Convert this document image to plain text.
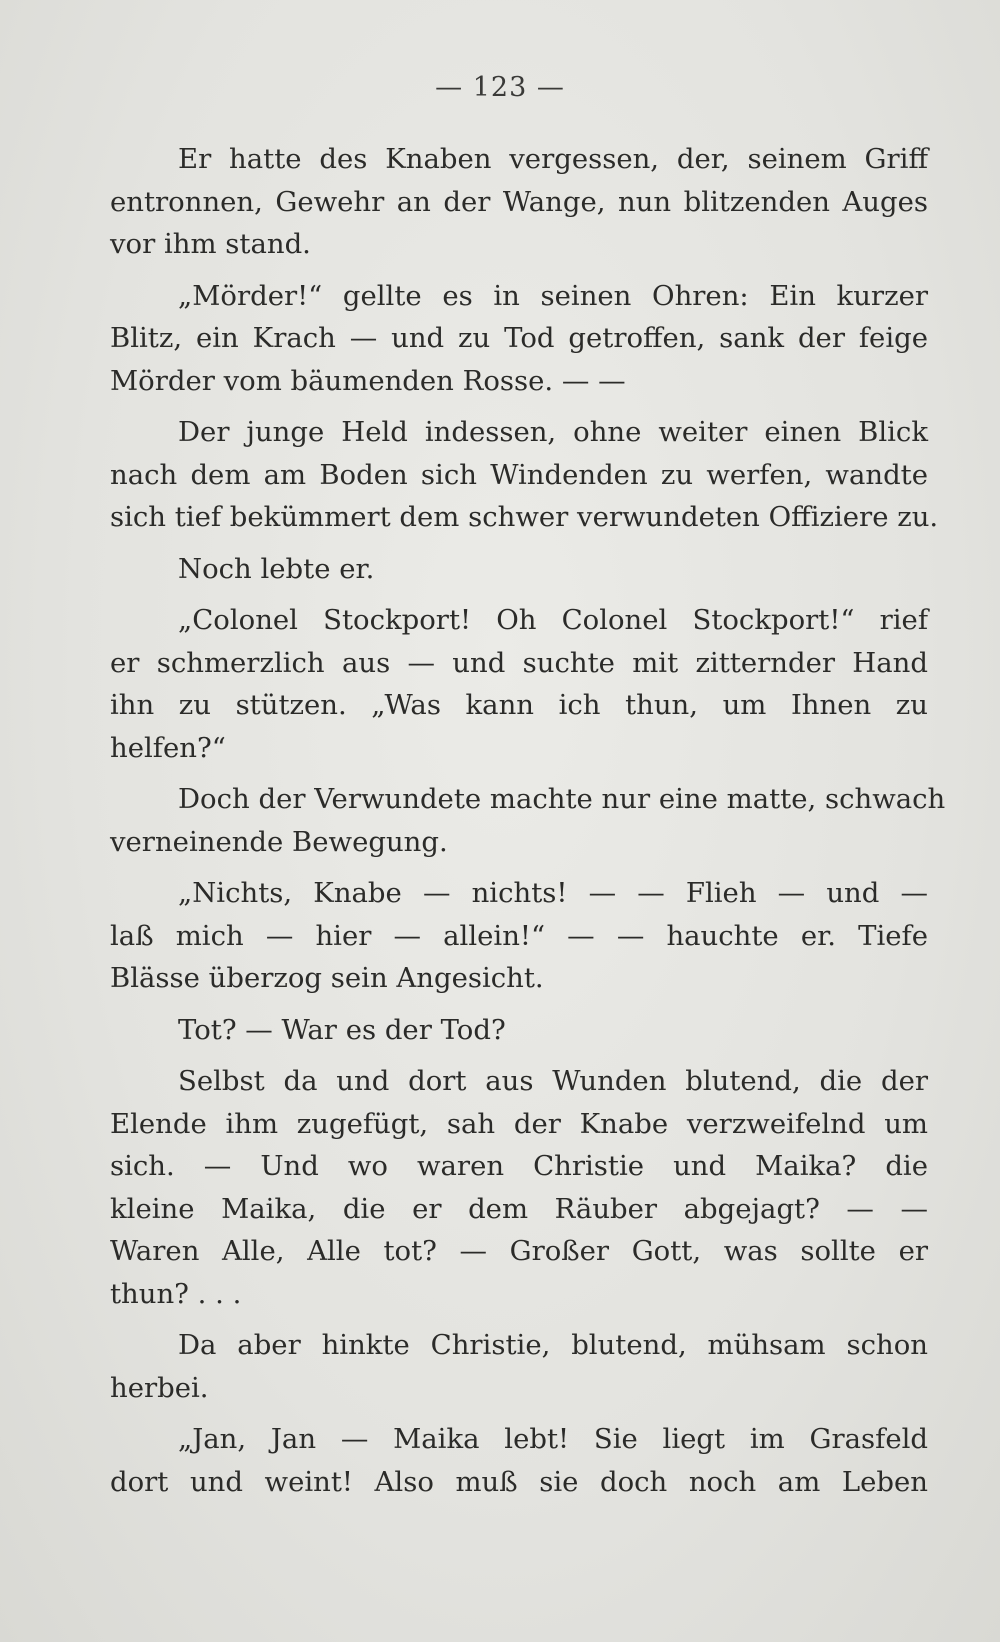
— 123 —
Er hatte des Knaben vergessen, der, seinem Griff
entronnen, Gewehr an der Wange, nun blitzenden Auges
vor ihm stand.
„Mörder!“ gellte es in seinen Ohren: Ein kurzer
Blitz, ein Krach — und zu Tod getroffen, sank der feige
Mörder vom bäumenden Rosse. — —
Der junge Held indessen, ohne weiter einen Blick
nach dem am Boden sich Windenden zu werfen, wandte
sich tief bekümmert dem schwer verwundeten Offiziere zu.
Noch lebte er.
„Colonel Stockport! Oh Colonel Stockport!“ rief
er schmerzlich aus — und suchte mit zitternder Hand
ihn zu stützen. „Was kann ich thun, um Ihnen zu
helfen?“
Doch der Verwundete machte nur eine matte, schwach
verneinende Bewegung.
„Nichts, Knabe — nichts! — — Flieh — und —
laß mich — hier — allein!“ — — hauchte er. Tiefe
Blässe überzog sein Angesicht.
Tot? — War es der Tod?
Selbst da und dort aus Wunden blutend, die der
Elende ihm zugefügt, sah der Knabe verzweifelnd um
sich. — Und wo waren Christie und Maika? die
kleine Maika, die er dem Räuber abgejagt? — —
Waren Alle, Alle tot? — Großer Gott, was sollte er
thun? . . .
Da aber hinkte Christie, blutend, mühsam schon
herbei.
„Jan, Jan — Maika lebt! Sie liegt im Grasfeld
dort und weint! Also muß sie doch noch am Leben
